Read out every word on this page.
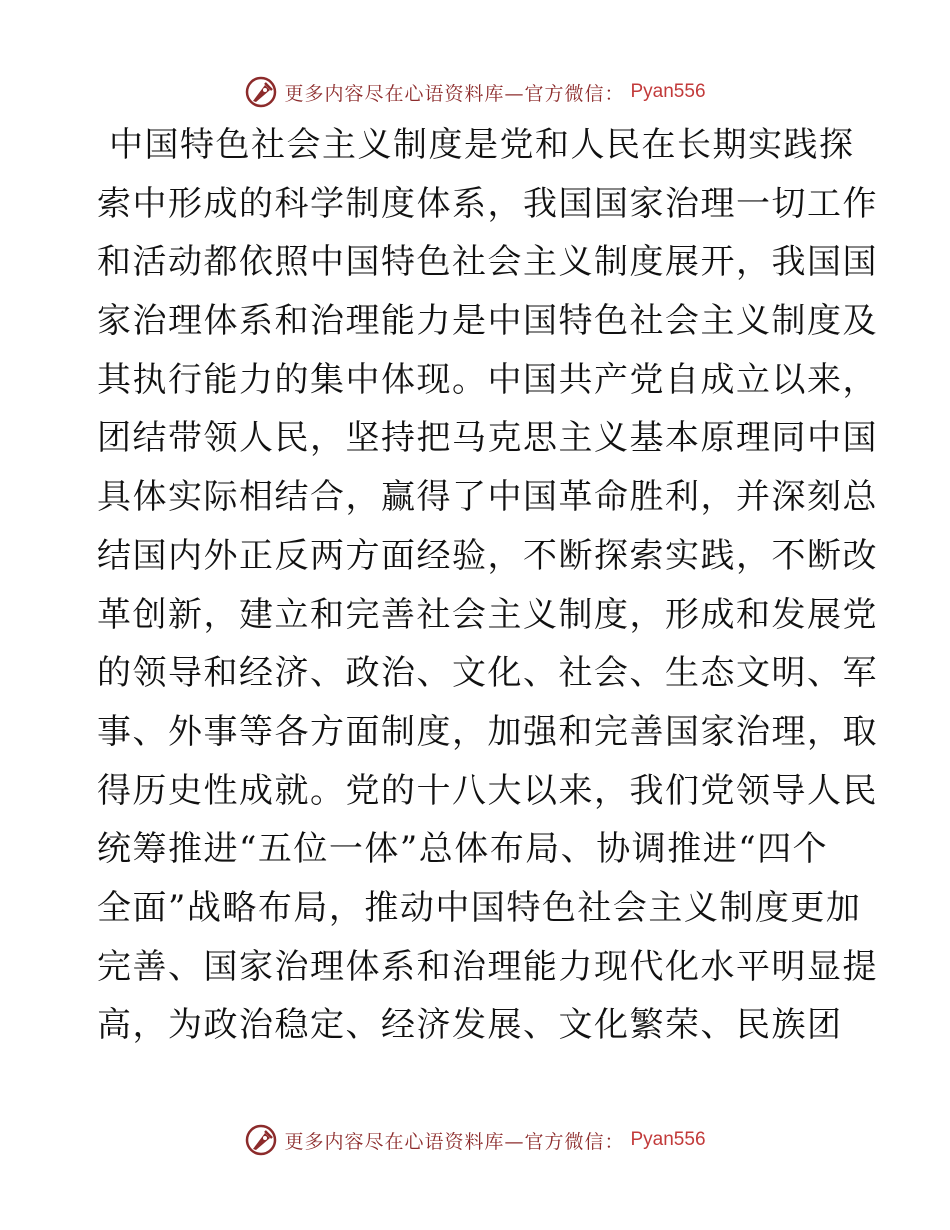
更多内容尽在心语资料库—官方微信： Pyan556
中国特色社会主义制度是党和人民在长期实践探
索中形成的科学制度体系，我国国家治理一切工作
和活动都依照中国特色社会主义制度展开，我国国
家治理体系和治理能力是中国特色社会主义制度及
其执行能力的集中体现。中国共产党自成立以来，
团结带领人民，坚持把马克思主义基本原理同中国
具体实际相结合，赢得了中国革命胜利，并深刻总
结国内外正反两方面经验，不断探索实践，不断改
革创新，建立和完善社会主义制度，形成和发展党
的领导和经济、政治、文化、社会、生态文明、军
事、外事等各方面制度，加强和完善国家治理，取
得历史性成就。党的十八大以来，我们党领导人民
统筹推进“五位一体”总体布局、协调推进“四个
全面”战略布局，推动中国特色社会主义制度更加
完善、国家治理体系和治理能力现代化水平明显提
高，为政治稳定、经济发展、文化繁荣、民族团
更多内容尽在心语资料库—官方微信： Pyan556
